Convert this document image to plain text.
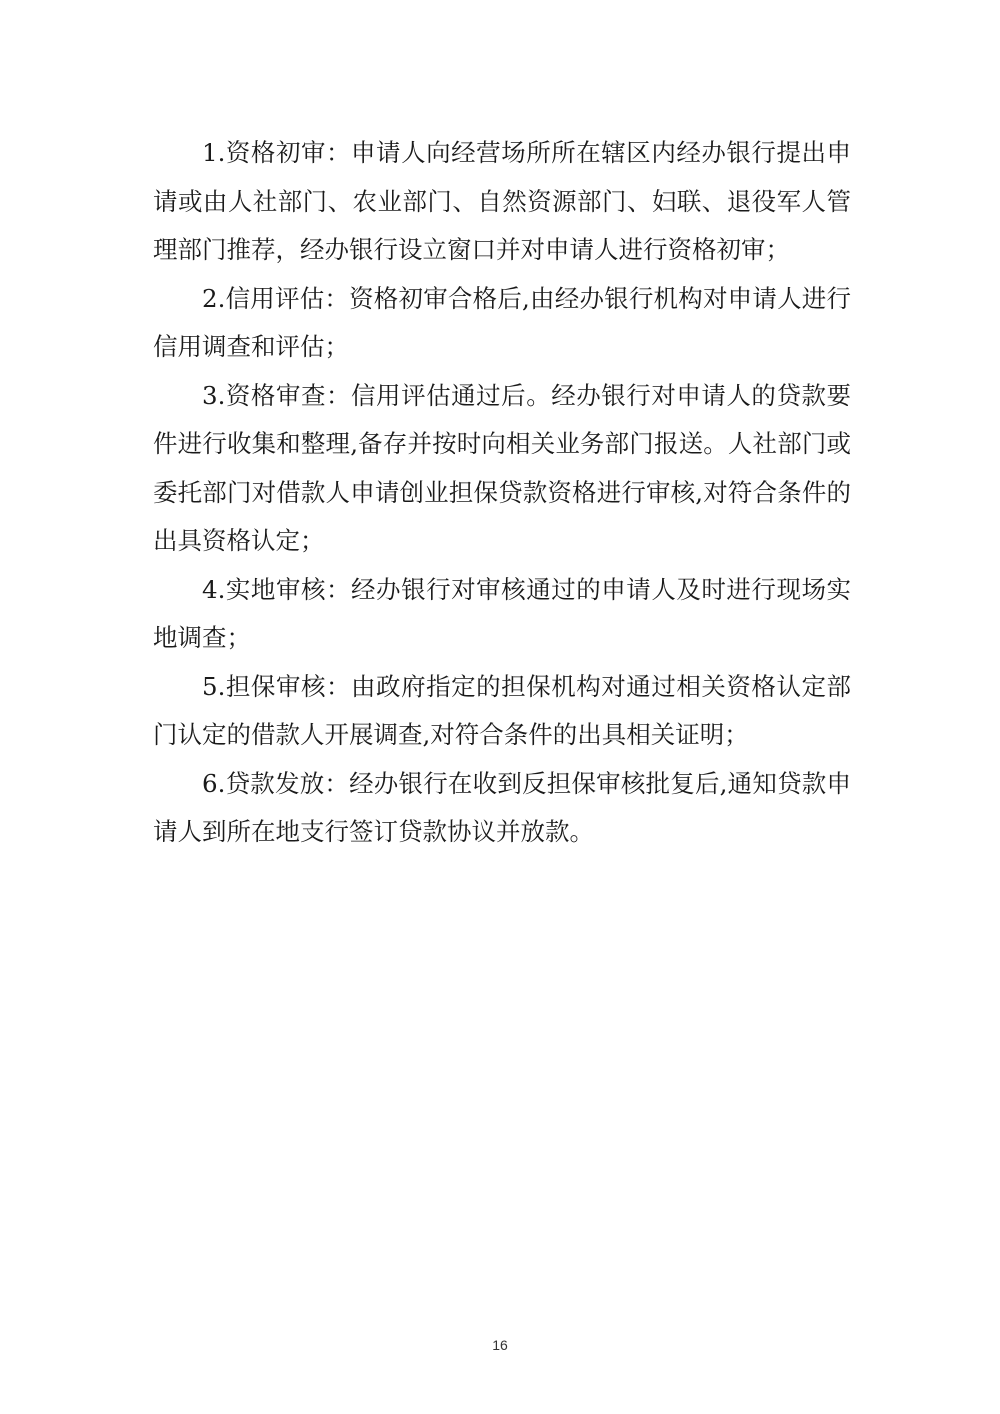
1.资格初审：申请人向经营场所所在辖区内经办银行提出申请或由人社部门、农业部门、自然资源部门、妇联、退役军人管理部门推荐，经办银行设立窗口并对申请人进行资格初审；

2.信用评估：资格初审合格后,由经办银行机构对申请人进行信用调查和评估；

3.资格审查：信用评估通过后。经办银行对申请人的贷款要件进行收集和整理,备存并按时向相关业务部门报送。人社部门或委托部门对借款人申请创业担保贷款资格进行审核,对符合条件的出具资格认定；

4.实地审核：经办银行对审核通过的申请人及时进行现场实地调查；

5.担保审核：由政府指定的担保机构对通过相关资格认定部门认定的借款人开展调查,对符合条件的出具相关证明；

6.贷款发放：经办银行在收到反担保审核批复后,通知贷款申请人到所在地支行签订贷款协议并放款。

16
